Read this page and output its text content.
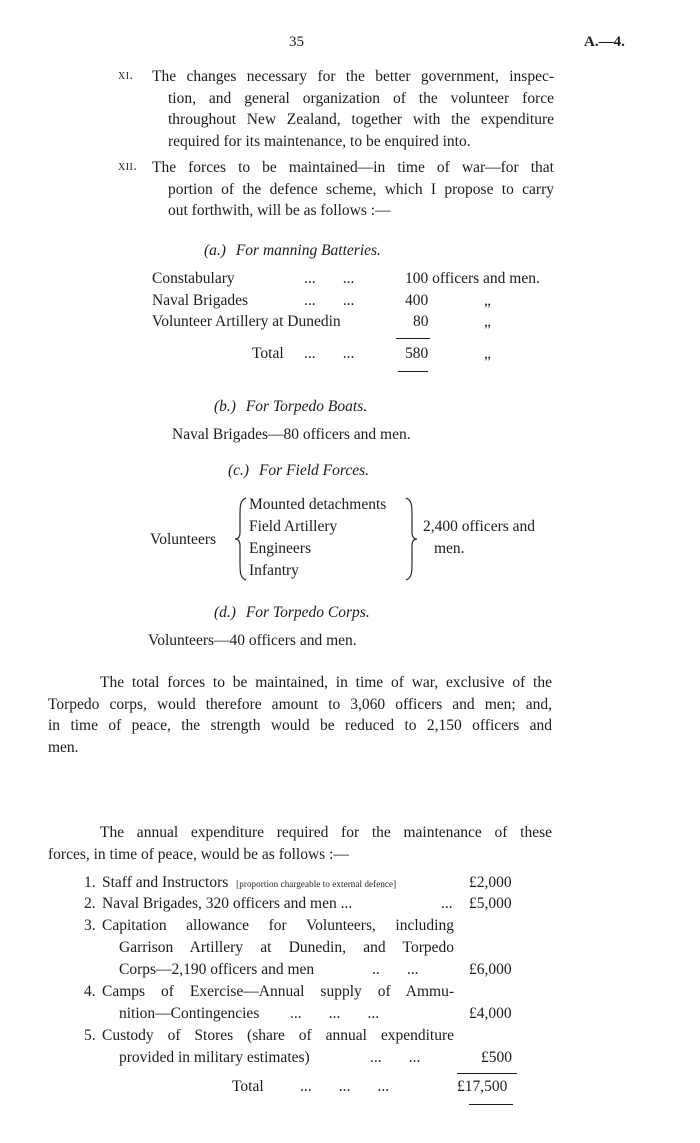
35	A.—4.
xi. The changes necessary for the better government, inspec-
tion, and general organization of the volunteer force
throughout New Zealand, together with the expenditure
required for its maintenance, to be enquired into.
xii. The forces to be maintained—in time of war—for that
portion of the defence scheme, which I propose to carry
out forthwith, will be as follows :—
(a.) For manning Batteries.
Constabulary	...       ...	100 officers and men.
Naval Brigades	...       ...	400	„
Volunteer Artillery at Dunedin	80	„
Total ...       ...	580	„
(b.) For Torpedo Boats.
Naval Brigades—80 officers and men.
(c.) For Field Forces.
Volunteers
Mounted detachments
Field Artillery
Engineers
Infantry
2,400 officers and
men.
(d.) For Torpedo Corps.
Volunteers—40 officers and men.
The total forces to be maintained, in time of war, exclusive of the
Torpedo corps, would therefore amount to 3,060 officers and men; and,
in time of peace, the strength would be reduced to 2,150 officers and
men.
The annual expenditure required for the maintenance of these
forces, in time of peace, would be as follows :—
1. Staff and Instructors [proportion chargeable to external defence]	£2,000
2. Naval Brigades, 320 officers and men ...	... £5,000
3. Capitation allowance for Volunteers, including
Garrison Artillery at Dunedin, and Torpedo
Corps—2,190 officers and men	..       ...	£6,000
4. Camps of Exercise—Annual supply of Ammu-
nition—Contingencies ...       ...       ...	£4,000
5. Custody of Stores (share of annual expenditure
provided in military estimates)	...       ...	£500
Total ...       ...       ...	£17,500
